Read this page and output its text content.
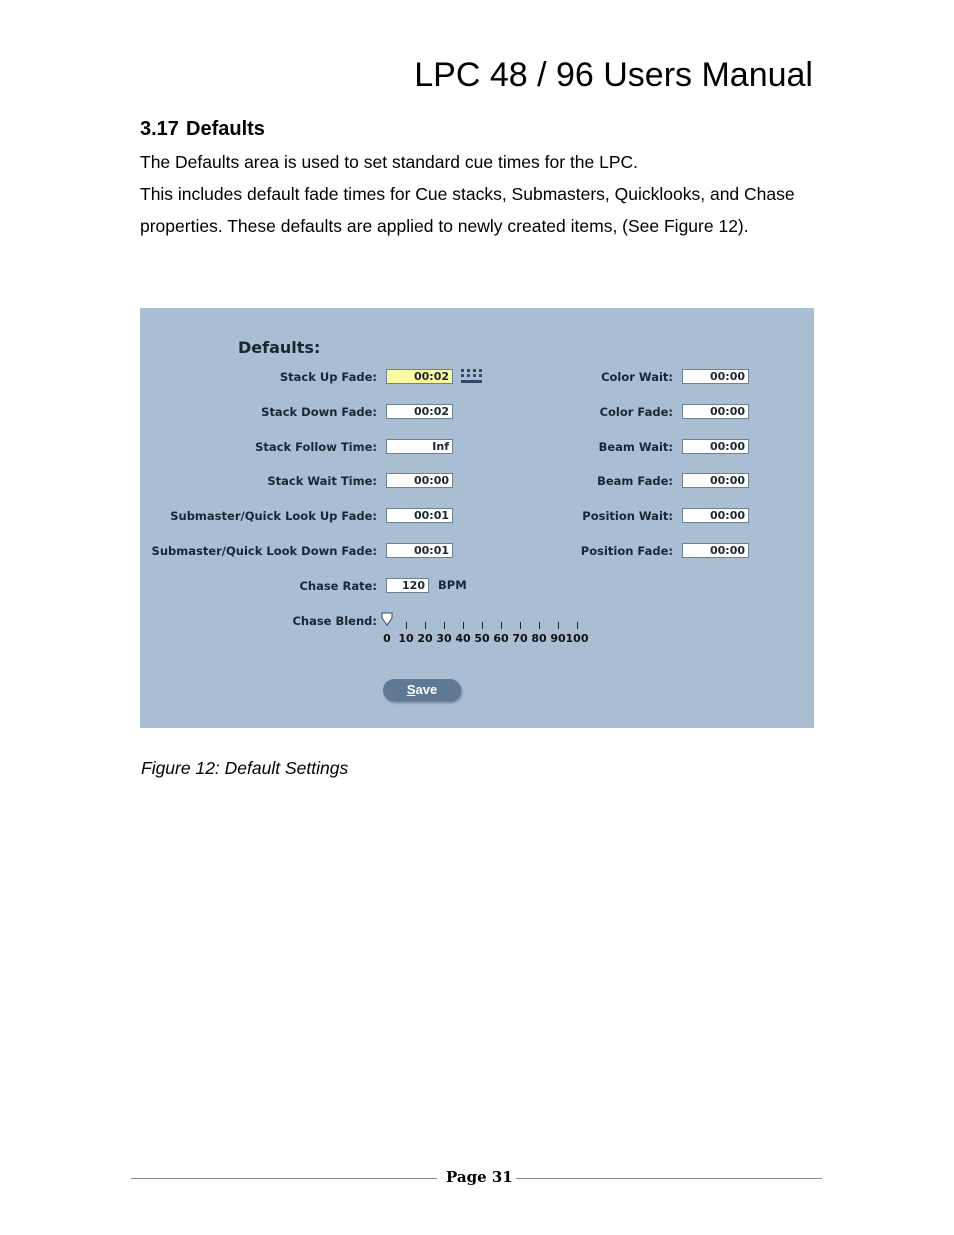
LPC 48 / 96 Users Manual
3.17 Defaults
The Defaults area is used to set standard cue times for the LPC.
This includes default fade times for Cue stacks, Submasters, Quicklooks, and Chase properties. These defaults are applied to newly created items, (See Figure 12).
Defaults:
Stack Up Fade:	00:02
Stack Down Fade:	00:02
Stack Follow Time:	Inf
Stack Wait Time:	00:00
Submaster/Quick Look Up Fade:	00:01
Submaster/Quick Look Down Fade:	00:01
Color Wait:	00:00
Color Fade:	00:00
Beam Wait:	00:00
Beam Fade:	00:00
Position Wait:	00:00
Position Fade:	00:00
Chase Rate:	120	BPM
Chase Blend:
0 10 20 30 40 50 60 70 80 90 100
Save
Figure 12: Default Settings
Page 31
